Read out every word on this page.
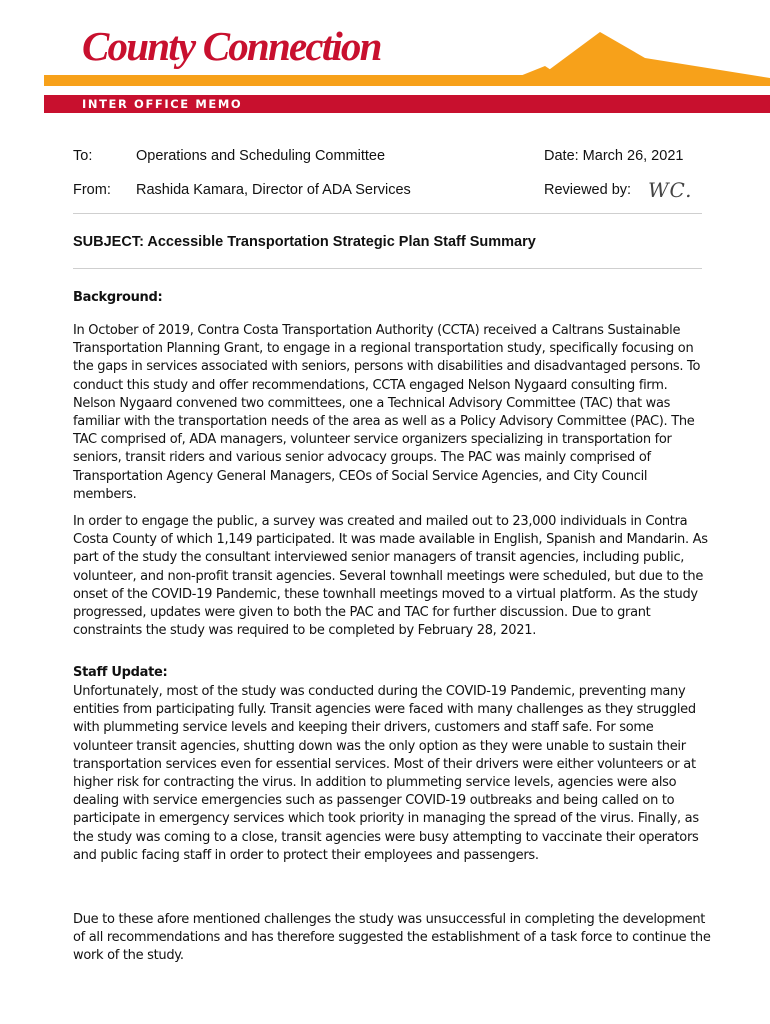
County Connection
INTER OFFICE MEMO
To:	Operations and Scheduling Committee	Date: March 26, 2021
From: Rashida Kamara, Director of ADA Services	Reviewed by: WC.
SUBJECT: Accessible Transportation Strategic Plan Staff Summary
Background:
In October of 2019, Contra Costa Transportation Authority (CCTA) received a Caltrans Sustainable Transportation Planning Grant, to engage in a regional transportation study, specifically focusing on the gaps in services associated with seniors, persons with disabilities and disadvantaged persons. To conduct this study and offer recommendations, CCTA engaged Nelson Nygaard consulting firm. Nelson Nygaard convened two committees, one a Technical Advisory Committee (TAC) that was familiar with the transportation needs of the area as well as a Policy Advisory Committee (PAC). The TAC comprised of, ADA managers, volunteer service organizers specializing in transportation for seniors, transit riders and various senior advocacy groups. The PAC was mainly comprised of Transportation Agency General Managers, CEOs of Social Service Agencies, and City Council members.
In order to engage the public, a survey was created and mailed out to 23,000 individuals in Contra Costa County of which 1,149 participated. It was made available in English, Spanish and Mandarin. As part of the study the consultant interviewed senior managers of transit agencies, including public, volunteer, and non-profit transit agencies. Several townhall meetings were scheduled, but due to the onset of the COVID-19 Pandemic, these townhall meetings moved to a virtual platform. As the study progressed, updates were given to both the PAC and TAC for further discussion. Due to grant constraints the study was required to be completed by February 28, 2021.
Staff Update:
Unfortunately, most of the study was conducted during the COVID-19 Pandemic, preventing many entities from participating fully. Transit agencies were faced with many challenges as they struggled with plummeting service levels and keeping their drivers, customers and staff safe. For some volunteer transit agencies, shutting down was the only option as they were unable to sustain their transportation services even for essential services. Most of their drivers were either volunteers or at higher risk for contracting the virus. In addition to plummeting service levels, agencies were also dealing with service emergencies such as passenger COVID-19 outbreaks and being called on to participate in emergency services which took priority in managing the spread of the virus. Finally, as the study was coming to a close, transit agencies were busy attempting to vaccinate their operators and public facing staff in order to protect their employees and passengers.
Due to these afore mentioned challenges the study was unsuccessful in completing the development of all recommendations and has therefore suggested the establishment of a task force to continue the work of the study.
